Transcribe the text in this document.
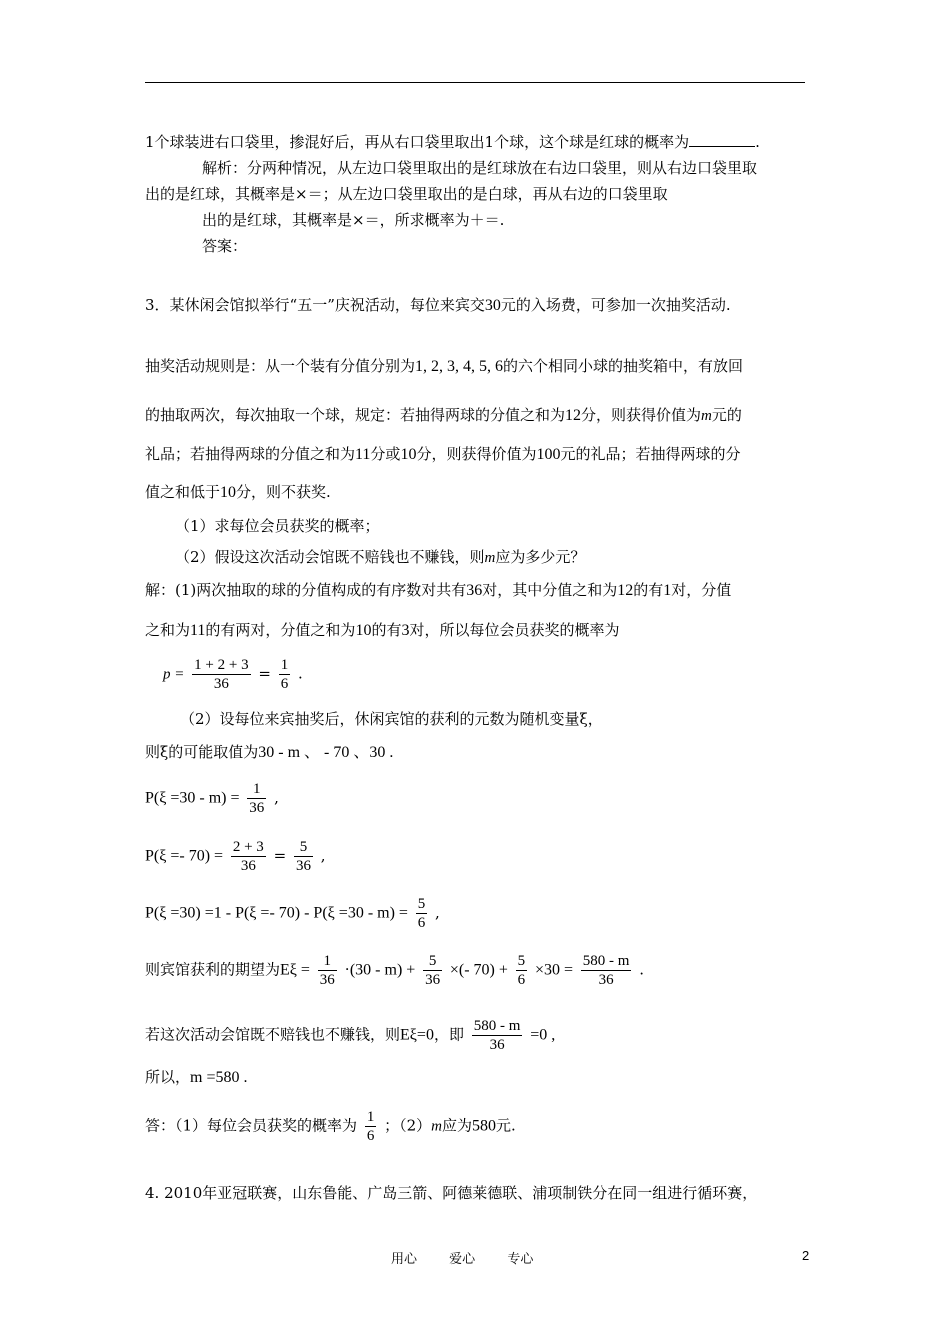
1个球装进右口袋里，掺混好后，再从右口袋里取出1个球，这个球是红球的概率为	.
解析：分两种情况，从左边口袋里取出的是红球放在右边口袋里，则从右边口袋里取
出的是红球，其概率是×＝；从左边口袋里取出的是白球，再从右边的口袋里取
出的是红球，其概率是×＝，所求概率为＋＝.
答案：
3．某休闲会馆拟举行“五一”庆祝活动，每位来宾交30元的入场费，可参加一次抽奖活动.
抽奖活动规则是：从一个装有分值分别为1, 2, 3, 4, 5, 6的六个相同小球的抽奖箱中，有放回
的抽取两次，每次抽取一个球，规定：若抽得两球的分值之和为12分，则获得价值为m元的
礼品；若抽得两球的分值之和为11分或10分，则获得价值为100元的礼品；若抽得两球的分
值之和低于10分，则不获奖.
（1）求每位会员获奖的概率；
（2）假设这次活动会馆既不赔钱也不赚钱，则m应为多少元？
解：(1)两次抽取的球的分值构成的有序数对共有36对，其中分值之和为12的有1对，分值
之和为11的有两对，分值之和为10的有3对，所以每位会员获奖的概率为
$p = \frac{1 + 2 + 3}{36} = \frac{1}{6}$ .
（2）设每位来宾抽奖后，休闲宾馆的获利的元数为随机变量ξ，
则ξ的可能取值为30 - m 、 - 70 、30 .
$P(\xi =30 - m) = \frac{1}{36}$ ,
$P(\xi =- 70) = \frac{2 + 3}{36} = \frac{5}{36}$ ,
$P(\xi =30) =1 - P(\xi =- 70) - P(\xi =30 - m) = \frac{5}{6}$ ,
则宾馆获利的期望为$E\xi = \frac{1}{36} \cdot(30 - m) + \frac{5}{36}$ ×(- $70) + \frac{5}{6} \times 30 = \frac{580 - m}{36}$ .
若这次活动会馆既不赔钱也不赚钱，则Eξ=0，即 $\frac{580 - m}{36} =0$ ,
所以，m =580 .
答：（1）每位会员获奖的概率为 $\frac{1}{6}$ ；（2）m应为580元.
4. 2010年亚冠联赛，山东鲁能、广岛三箭、阿德莱德联、浦项制铁分在同一组进行循环赛，
用心 爱心 专心	2
